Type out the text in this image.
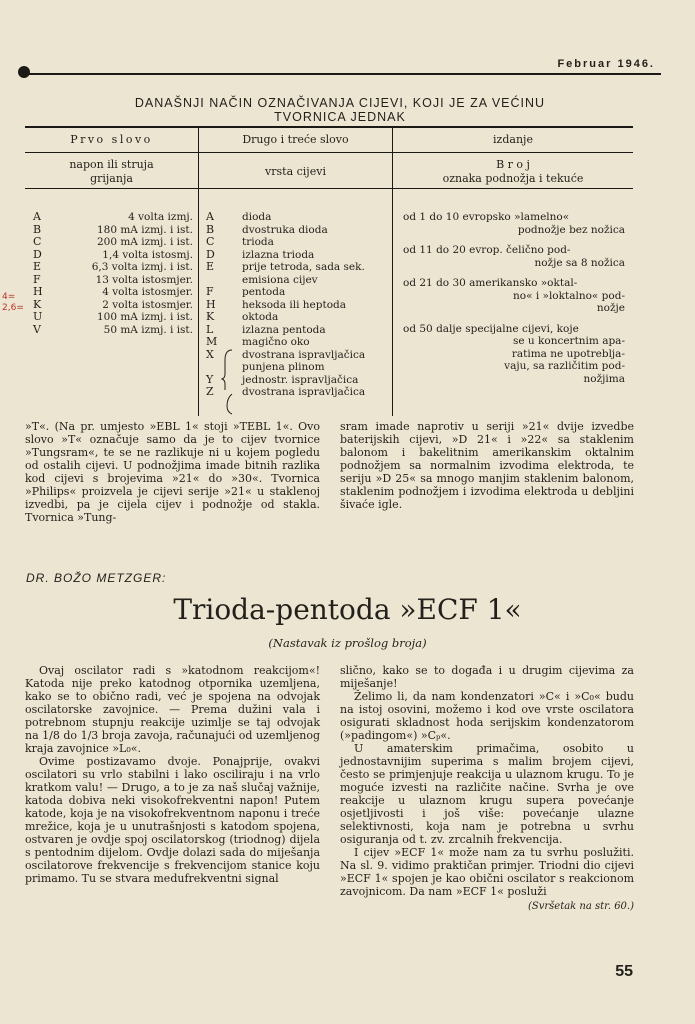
Februar 1946.
DANAŠNJI NAČIN OZNAČIVANJA CIJEVI, KOJI JE ZA VEĆINU
TVORNICA JEDNAK
4=
2,6=
Prvo slovo	Drugo i treće slovo	izdanje
napon ili struja
grijanja
vrsta cijevi
B r o j
oznaka podnožja i tekuće
A
B
C
D
E
F
H
K
U
V
4 volta izmj.
180 mA izmj. i ist.
200 mA izmj. i ist.
1,4 volta istosmj.
6,3 volta izmj. i ist.
13 volta istosmjer.
4 volta istosmjer.
2 volta istosmjer.
100 mA izmj. i ist.
50 mA izmj. i ist.
A
B
C
D
E

F
H
K
L
M
X

Y
Z
dioda
dvostruka dioda
trioda
izlazna trioda
prije tetroda, sada sek.
emisiona cijev
pentoda
heksoda ili heptoda
oktoda
izlazna pentoda
magično oko
dvostrana ispravljačica
punjena plinom
jednostr. ispravljačica
dvostrana ispravljačica
od 1 do 10 evropsko »lamelno«
podnožje bez nožica
od 11 do 20 evrop. čelično pod-
nožje sa 8 nožica
od 21 do 30 amerikansko »oktal-
no« i »loktalno« pod-
nožje
od 50 dalje specijalne cijevi, koje
se u koncertnim apa-
ratima ne upotreblja-
vaju, sa različitim pod-
nožjima

»T«. (Na pr. umjesto »EBL 1« stoji »TEBL 1«. Ovo slovo »T« označuje samo da je to cijev tvornice »Tungsram«, te se ne razlikuje ni u kojem pogledu od ostalih cijevi. U podnožjima imade bitnih razlika kod cijevi s brojevima »21« do »30«. Tvornica »Philips« proizvela je cijevi serije »21« u staklenoj izvedbi, pa je cijela cijev i podnožje od stakla. Tvornica »Tung-

sram imade naprotiv u seriji »21« dvije izvedbe baterijskih cijevi, »D 21« i »22« sa staklenim balonom i bakelitnim amerikanskim oktalnim podnožjem sa normalnim izvodima elektroda, te seriju »D 25« sa mnogo manjim staklenim balonom, staklenim podnožjem i izvodima elektroda u debljini šivaće igle.

DR. BOŽO METZGER:
Trioda-pentoda »ECF 1«
(Nastavak iz prošlog broja)

Ovaj oscilator radi s »katodnom reakcijom«! Katoda nije preko katodnog otpornika uzemljena, kako se to obično radi, već je spojena na odvojak oscilatorske zavojnice. — Prema dužini vala i potrebnom stupnju reakcije uzimlje se taj odvojak na 1/8 do 1/3 broja zavoja, računajući od uzemljenog kraja zavojnice »L₀«.

Ovime postizavamo dvoje. Ponajprije, ovakvi oscilatori su vrlo stabilni i lako osciliraju i na vrlo kratkom valu! — Drugo, a to je za naš slučaj važnije, katoda dobiva neki visokofrekventni napon! Putem katode, koja je na visokofrekventnom naponu i treće mrežice, koja je u unutrašnjosti s katodom spojena, ostvaren je ovdje spoj oscilatorskog (triodnog) dijela s pentodnim dijelom. Ovdje dolazi sada do miješanja oscilatorove frekvencije s frekvencijom stanice koju primamo. Tu se stvara medufrekventni signal

slično, kako se to događa i u drugim cijevima za miješanje!

Želimo li, da nam kondenzatori »C« i »C₀« budu na istoj osovini, možemo i kod ove vrste oscilatora osigurati skladnost hoda serijskim kondenzatorom (»padingom«) »Cₚ«.

U amaterskim primačima, osobito u jednostavnijim superima s malim brojem cijevi, često se primjenjuje reakcija u ulaznom krugu. To je moguće izvesti na različite načine. Svrha je ove reakcije u ulaznom krugu supera povećanje osjetljivosti i još više: povećanje ulazne selektivnosti, koja nam je potrebna u svrhu osiguranja od t. zv. zrcalnih frekvencija.

I cijev »ECF 1« može nam za tu svrhu poslužiti. Na sl. 9. vidimo praktičan primjer. Triodni dio cijevi »ECF 1« spojen je kao obični oscilator s reakcionom zavojnicom. Da nam »ECF 1« posluži

(Svršetak na str. 60.)
55
